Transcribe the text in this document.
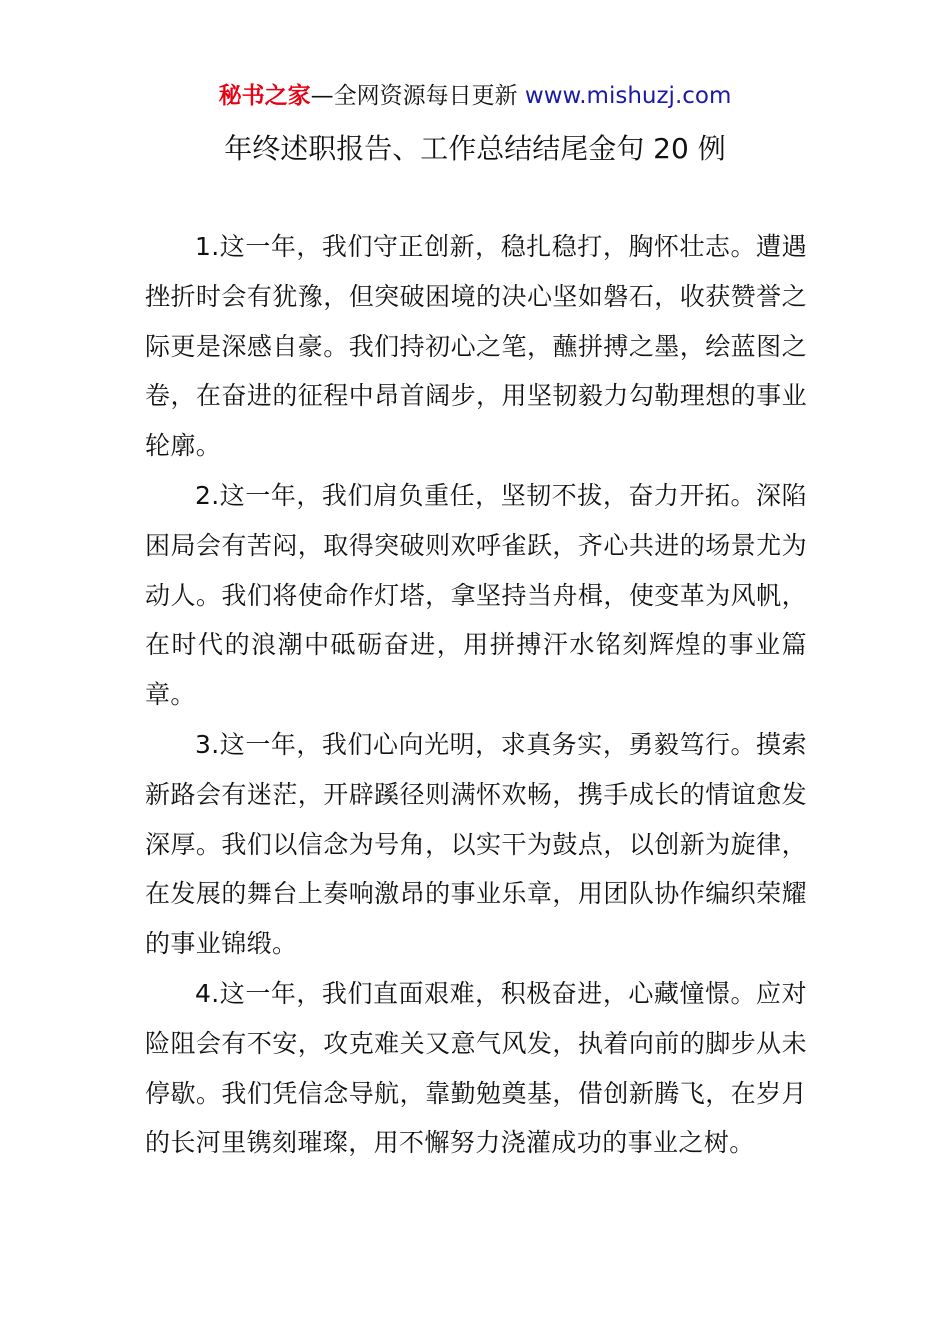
秘书之家—全网资源每日更新 www.mishuzj.com
年终述职报告、工作总结结尾金句 20 例

1.这一年，我们守正创新，稳扎稳打，胸怀壮志。遭遇挫折时会有犹豫，但突破困境的决心坚如磐石，收获赞誉之际更是深感自豪。我们持初心之笔，蘸拼搏之墨，绘蓝图之卷，在奋进的征程中昂首阔步，用坚韧毅力勾勒理想的事业轮廓。

2.这一年，我们肩负重任，坚韧不拔，奋力开拓。深陷困局会有苦闷，取得突破则欢呼雀跃，齐心共进的场景尤为动人。我们将使命作灯塔，拿坚持当舟楫，使变革为风帆，在时代的浪潮中砥砺奋进，用拼搏汗水铭刻辉煌的事业篇章。

3.这一年，我们心向光明，求真务实，勇毅笃行。摸索新路会有迷茫，开辟蹊径则满怀欢畅，携手成长的情谊愈发深厚。我们以信念为号角，以实干为鼓点，以创新为旋律，在发展的舞台上奏响激昂的事业乐章，用团队协作编织荣耀的事业锦缎。

4.这一年，我们直面艰难，积极奋进，心藏憧憬。应对险阻会有不安，攻克难关又意气风发，执着向前的脚步从未停歇。我们凭信念导航，靠勤勉奠基，借创新腾飞，在岁月的长河里镌刻璀璨，用不懈努力浇灌成功的事业之树。
